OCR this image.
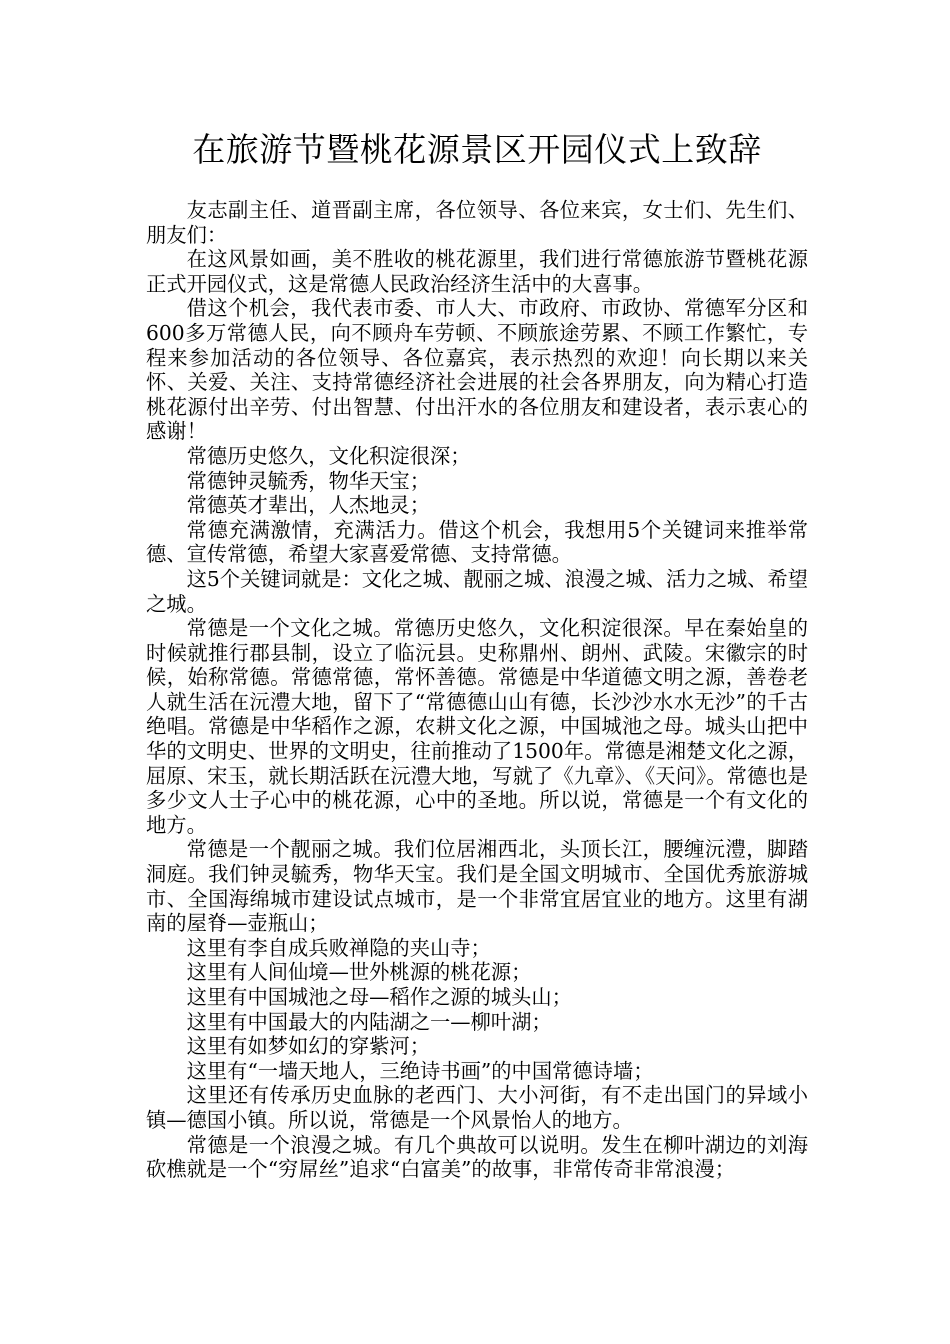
在旅游节暨桃花源景区开园仪式上致辞

友志副主任、道晋副主席，各位领导、各位来宾，女士们、先生们、朋友们：

在这风景如画，美不胜收的桃花源里，我们进行常德旅游节暨桃花源正式开园仪式，这是常德人民政治经济生活中的大喜事。

借这个机会，我代表市委、市人大、市政府、市政协、常德军分区和600多万常德人民，向不顾舟车劳顿、不顾旅途劳累、不顾工作繁忙，专程来参加活动的各位领导、各位嘉宾，表示热烈的欢迎！向长期以来关怀、关爱、关注、支持常德经济社会进展的社会各界朋友，向为精心打造桃花源付出辛劳、付出智慧、付出汗水的各位朋友和建设者，表示衷心的感谢！

常德历史悠久，文化积淀很深；

常德钟灵毓秀，物华天宝；

常德英才辈出，人杰地灵；

常德充满激情，充满活力。借这个机会，我想用5个关键词来推举常德、宣传常德，希望大家喜爱常德、支持常德。

这5个关键词就是：文化之城、靓丽之城、浪漫之城、活力之城、希望之城。

常德是一个文化之城。常德历史悠久，文化积淀很深。早在秦始皇的时候就推行郡县制，设立了临沅县。史称鼎州、朗州、武陵。宋徽宗的时候，始称常德。常德常德，常怀善德。常德是中华道德文明之源，善卷老人就生活在沅澧大地，留下了“常德德山山有德，长沙沙水水无沙”的千古绝唱。常德是中华稻作之源，农耕文化之源，中国城池之母。城头山把中华的文明史、世界的文明史，往前推动了1500年。常德是湘楚文化之源，屈原、宋玉，就长期活跃在沅澧大地，写就了《九章》、《天问》。常德也是多少文人士子心中的桃花源，心中的圣地。所以说，常德是一个有文化的地方。

常德是一个靓丽之城。我们位居湘西北，头顶长江，腰缠沅澧，脚踏洞庭。我们钟灵毓秀，物华天宝。我们是全国文明城市、全国优秀旅游城市、全国海绵城市建设试点城市，是一个非常宜居宜业的地方。这里有湖南的屋脊—壶瓶山；

这里有李自成兵败禅隐的夹山寺；

这里有人间仙境—世外桃源的桃花源；

这里有中国城池之母—稻作之源的城头山；

这里有中国最大的内陆湖之一—柳叶湖；

这里有如梦如幻的穿紫河；

这里有“一墙天地人，三绝诗书画”的中国常德诗墙；

这里还有传承历史血脉的老西门、大小河街，有不走出国门的异域小镇—德国小镇。所以说，常德是一个风景怡人的地方。

常德是一个浪漫之城。有几个典故可以说明。发生在柳叶湖边的刘海砍樵就是一个“穷屌丝”追求“白富美”的故事，非常传奇非常浪漫；
